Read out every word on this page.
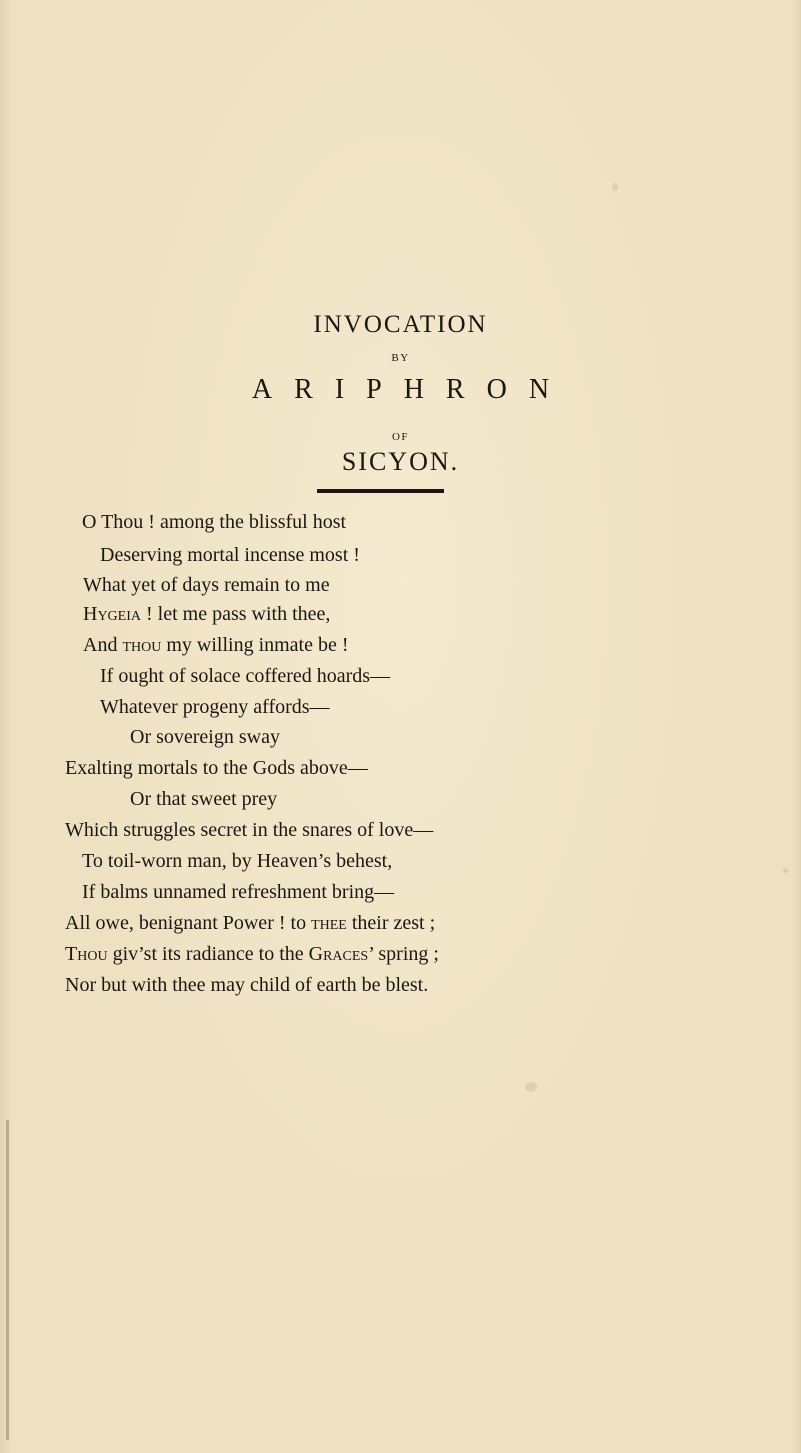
INVOCATION
BY
ARIPHRON
OF
SICYON.
O Thou ! among the blissful host
Deserving mortal incense most !
What yet of days remain to me
Hygeia ! let me pass with thee,
And thou my willing inmate be !
If ought of solace coffered hoards—
Whatever progeny affords—
Or sovereign sway
Exalting mortals to the Gods above—
Or that sweet prey
Which struggles secret in the snares of love—
To toil-worn man, by Heaven’s behest,
If balms unnamed refreshment bring—
All owe, benignant Power ! to thee their zest ;
Thou giv’st its radiance to the Graces’ spring ;
Nor but with thee may child of earth be blest.
